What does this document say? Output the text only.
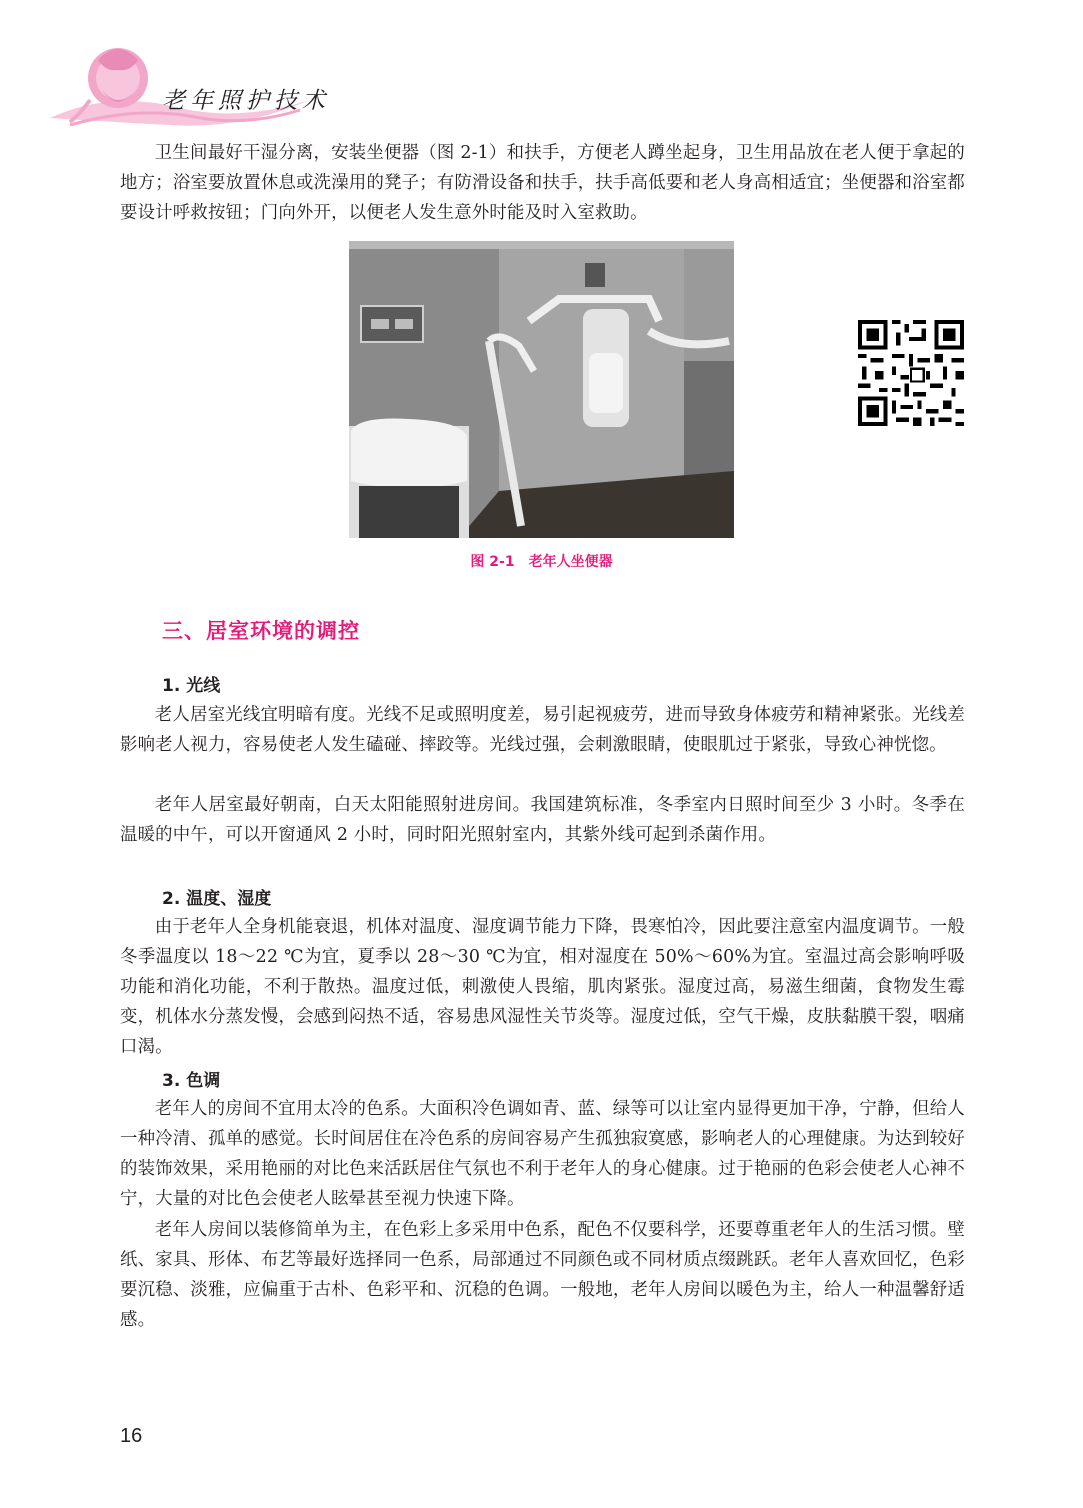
老年照护技术

卫生间最好干湿分离，安装坐便器（图 2-1）和扶手，方便老人蹲坐起身，卫生用品放在老人便于拿起的地方；浴室要放置休息或洗澡用的凳子；有防滑设备和扶手，扶手高低要和老人身高相适宜；坐便器和浴室都要设计呼救按钮；门向外开，以便老人发生意外时能及时入室救助。

图 2-1　老年人坐便器
三、居室环境的调控
1. 光线

老人居室光线宜明暗有度。光线不足或照明度差，易引起视疲劳，进而导致身体疲劳和精神紧张。光线差影响老人视力，容易使老人发生磕碰、摔跤等。光线过强，会刺激眼睛，使眼肌过于紧张，导致心神恍惚。

老年人居室最好朝南，白天太阳能照射进房间。我国建筑标准，冬季室内日照时间至少 3 小时。冬季在温暖的中午，可以开窗通风 2 小时，同时阳光照射室内，其紫外线可起到杀菌作用。

2. 温度、湿度

由于老年人全身机能衰退，机体对温度、湿度调节能力下降，畏寒怕冷，因此要注意室内温度调节。一般冬季温度以 18～22 ℃为宜，夏季以 28～30 ℃为宜，相对湿度在 50%～60%为宜。室温过高会影响呼吸功能和消化功能，不利于散热。温度过低，刺激使人畏缩，肌肉紧张。湿度过高，易滋生细菌，食物发生霉变，机体水分蒸发慢，会感到闷热不适，容易患风湿性关节炎等。湿度过低，空气干燥，皮肤黏膜干裂，咽痛口渴。

3. 色调

老年人的房间不宜用太冷的色系。大面积冷色调如青、蓝、绿等可以让室内显得更加干净，宁静，但给人一种冷清、孤单的感觉。长时间居住在冷色系的房间容易产生孤独寂寞感，影响老人的心理健康。为达到较好的装饰效果，采用艳丽的对比色来活跃居住气氛也不利于老年人的身心健康。过于艳丽的色彩会使老人心神不宁，大量的对比色会使老人眩晕甚至视力快速下降。

老年人房间以装修简单为主，在色彩上多采用中色系，配色不仅要科学，还要尊重老年人的生活习惯。壁纸、家具、形体、布艺等最好选择同一色系，局部通过不同颜色或不同材质点缀跳跃。老年人喜欢回忆，色彩要沉稳、淡雅，应偏重于古朴、色彩平和、沉稳的色调。一般地，老年人房间以暖色为主，给人一种温馨舒适感。

16
